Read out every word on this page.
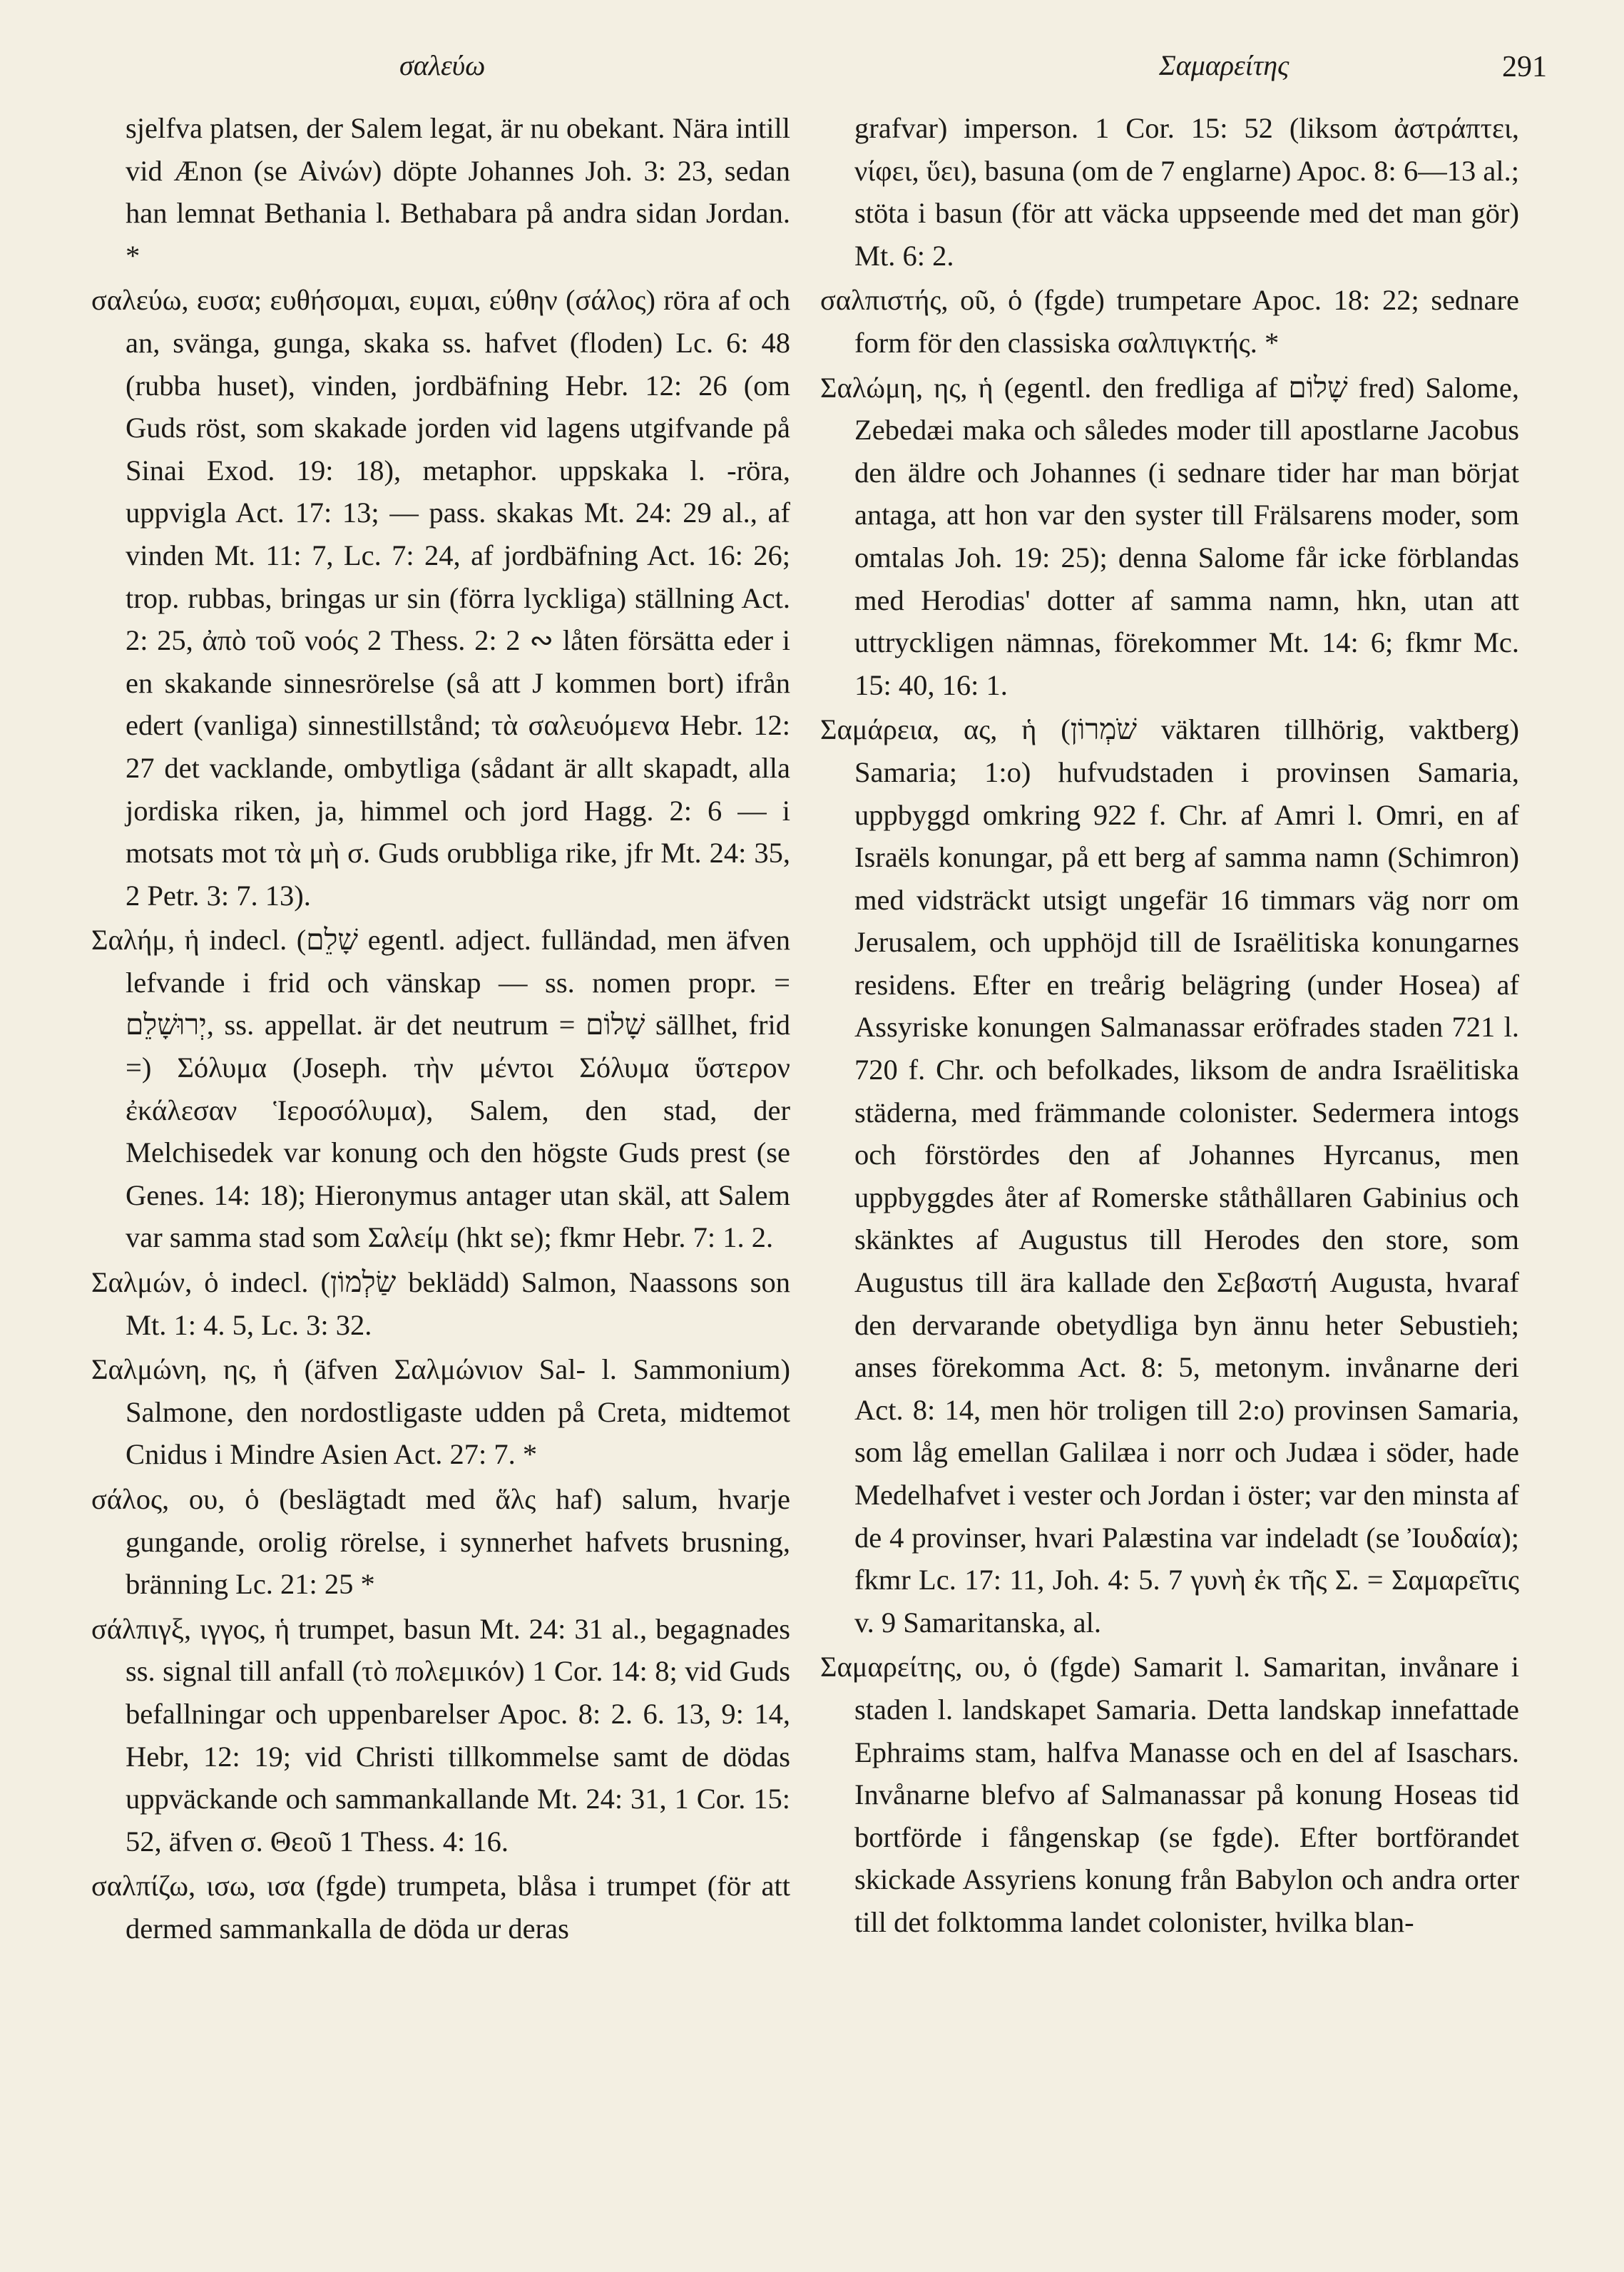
σαλεύω	Σαμαρείτης	291

sjelfva platsen, der Salem legat, är nu obekant. Nära intill vid Ænon (se Αἰνών) döpte Johannes Joh. 3: 23, sedan han lemnat Bethania l. Bethabara på andra sidan Jordan. *

σαλεύω, ευσα; ευθήσομαι, ευμαι, εύθην (σάλος) röra af och an, svänga, gunga, skaka ss. hafvet (floden) Lc. 6: 48 (rubba huset), vinden, jordbäfning Hebr. 12: 26 (om Guds röst, som skakade jorden vid lagens utgifvande på Sinai Exod. 19: 18), metaphor. uppskaka l. -röra, uppvigla Act. 17: 13; — pass. skakas Mt. 24: 29 al., af vinden Mt. 11: 7, Lc. 7: 24, af jordbäfning Act. 16: 26; trop. rubbas, bringas ur sin (förra lyckliga) ställning Act. 2: 25, ἀπὸ τοῦ νοός 2 Thess. 2: 2 ∾ låten försätta eder i en skakande sinnesrörelse (så att J kommen bort) ifrån edert (vanliga) sinnestillstånd; τὰ σαλευόμενα Hebr. 12: 27 det vacklande, ombytliga (sådant är allt skapadt, alla jordiska riken, ja, himmel och jord Hagg. 2: 6 — i motsats mot τὰ μὴ σ. Guds orubbliga rike, jfr Mt. 24: 35, 2 Petr. 3: 7. 13).

Σαλήμ, ἡ indecl. (שָׁלֵם egentl. adject. fulländad, men äfven lefvande i frid och vänskap — ss. nomen propr. = יְרוּשָׁלֵם, ss. appellat. är det neutrum = שָׁלוֹם sällhet, frid =) Σόλυμα (Joseph. τὴν μέντοι Σόλυμα ὕστερον ἐκάλεσαν Ἱεροσόλυμα), Salem, den stad, der Melchisedek var konung och den högste Guds prest (se Genes. 14: 18); Hieronymus antager utan skäl, att Salem var samma stad som Σαλείμ (hkt se); fkmr Hebr. 7: 1. 2.

Σαλμών, ὁ indecl. (שַׂלְמוֹן beklädd) Salmon, Naassons son Mt. 1: 4. 5, Lc. 3: 32.

Σαλμώνη, ης, ἡ (äfven Σαλμώνιον Sal- l. Sammonium) Salmone, den nordostligaste udden på Creta, midtemot Cnidus i Mindre Asien Act. 27: 7. *

σάλος, ου, ὁ (beslägtadt med ἅλς haf) salum, hvarje gungande, orolig rörelse, i synnerhet hafvets brusning, bränning Lc. 21: 25 *

σάλπιγξ, ιγγος, ἡ trumpet, basun Mt. 24: 31 al., begagnades ss. signal till anfall (τὸ πολεμικόν) 1 Cor. 14: 8; vid Guds befallningar och uppenbarelser Apoc. 8: 2. 6. 13, 9: 14, Hebr, 12: 19; vid Christi tillkommelse samt de dödas uppväckande och sammankallande Mt. 24: 31, 1 Cor. 15: 52, äfven σ. Θεοῦ 1 Thess. 4: 16.

σαλπίζω, ισω, ισα (fgde) trumpeta, blåsa i trumpet (för att dermed sammankalla de döda ur deras

grafvar) imperson. 1 Cor. 15: 52 (liksom ἀστράπτει, νίφει, ὕει), basuna (om de 7 englarne) Apoc. 8: 6—13 al.; stöta i basun (för att väcka uppseende med det man gör) Mt. 6: 2.

σαλπιστής, οῦ, ὁ (fgde) trumpetare Apoc. 18: 22; sednare form för den classiska σαλπιγκτής. *

Σαλώμη, ης, ἡ (egentl. den fredliga af שָׁלוֹם fred) Salome, Zebedæi maka och således moder till apostlarne Jacobus den äldre och Johannes (i sednare tider har man börjat antaga, att hon var den syster till Frälsarens moder, som omtalas Joh. 19: 25); denna Salome får icke förblandas med Herodias' dotter af samma namn, hkn, utan att uttryckligen nämnas, förekommer Mt. 14: 6; fkmr Mc. 15: 40, 16: 1.

Σαμάρεια, ας, ἡ (שֹׁמְרוֹן väktaren tillhörig, vaktberg) Samaria; 1:o) hufvudstaden i provinsen Samaria, uppbyggd omkring 922 f. Chr. af Amri l. Omri, en af Israëls konungar, på ett berg af samma namn (Schimron) med vidsträckt utsigt ungefär 16 timmars väg norr om Jerusalem, och upphöjd till de Israëlitiska konungarnes residens. Efter en treårig belägring (under Hosea) af Assyriske konungen Salmanassar eröfrades staden 721 l. 720 f. Chr. och befolkades, liksom de andra Israëlitiska städerna, med främmande colonister. Sedermera intogs och förstördes den af Johannes Hyrcanus, men uppbyggdes åter af Romerske ståthållaren Gabinius och skänktes af Augustus till Herodes den store, som Augustus till ära kallade den Σεβαστή Augusta, hvaraf den dervarande obetydliga byn ännu heter Sebustieh; anses förekomma Act. 8: 5, metonym. invånarne deri Act. 8: 14, men hör troligen till 2:o) provinsen Samaria, som låg emellan Galilæa i norr och Judæa i söder, hade Medelhafvet i vester och Jordan i öster; var den minsta af de 4 provinser, hvari Palæstina var indeladt (se Ἰουδαία); fkmr Lc. 17: 11, Joh. 4: 5. 7 γυνὴ ἐκ τῆς Σ. = Σαμαρεῖτις v. 9 Samaritanska, al.

Σαμαρείτης, ου, ὁ (fgde) Samarit l. Samaritan, invånare i staden l. landskapet Samaria. Detta landskap innefattade Ephraims stam, halfva Manasse och en del af Isaschars. Invånarne blefvo af Salmanassar på konung Hoseas tid bortförde i fångenskap (se fgde). Efter bortförandet skickade Assyriens konung från Babylon och andra orter till det folktomma landet colonister, hvilka blan-
